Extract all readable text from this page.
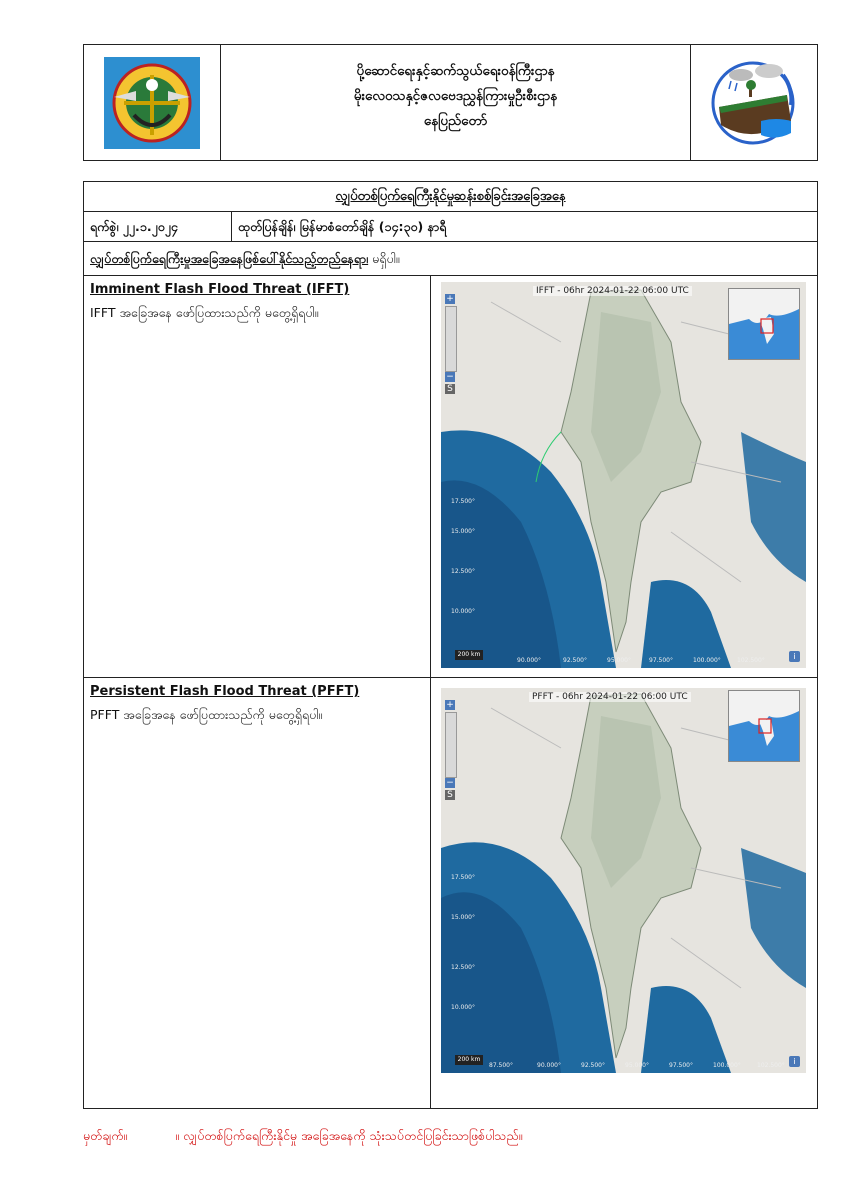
ပို့ဆောင်ရေးနှင့်ဆက်သွယ်ရေးဝန်ကြီးဌာန
မိုးလေဝသနှင့်ဇလဗေဒညွှန်ကြားမှုဦးစီးဌာန
နေပြည်တော်
လျှပ်တစ်ပြက်ရေကြီးနိုင်မှုဆန်းစစ်ခြင်းအခြေအနေ
ရက်စွဲ၊ ၂၂.၁.၂၀၂၄	ထုတ်ပြန်ချိန်၊ မြန်မာစံတော်ချိန် (၁၄:၃၀) နာရီ
လျှပ်တစ်ပြက်ရေကြီးမှုအခြေအနေဖြစ်ပေါ်နိုင်သည့်တည်နေရာ၊ မရှိပါ။
Imminent Flash Flood Threat (IFFT)
IFFT အခြေအနေ ဖော်ပြထားသည်ကို မတွေ့ရှိရပါ။
IFFT - 06hr 2024-01-22 06:00 UTC
+
−
S
17.500°
15.000°
12.500°
10.000°
90.000°	92.500°	95.000°	97.500°	100.000°	102.500°
200 km	i
Persistent Flash Flood Threat (PFFT)
PFFT အခြေအနေ ဖော်ပြထားသည်ကို မတွေ့ရှိရပါ။
PFFT - 06hr 2024-01-22 06:00 UTC
+
−
S
17.500°
15.000°
12.500°
10.000°
87.500°	90.000°	92.500°	95.000°	97.500°	100.000°	102.500°
200 km	i
မှတ်ချက်။	။ လျှပ်တစ်ပြက်ရေကြီးနိုင်မှု အခြေအနေကို သုံးသပ်တင်ပြခြင်းသာဖြစ်ပါသည်။
